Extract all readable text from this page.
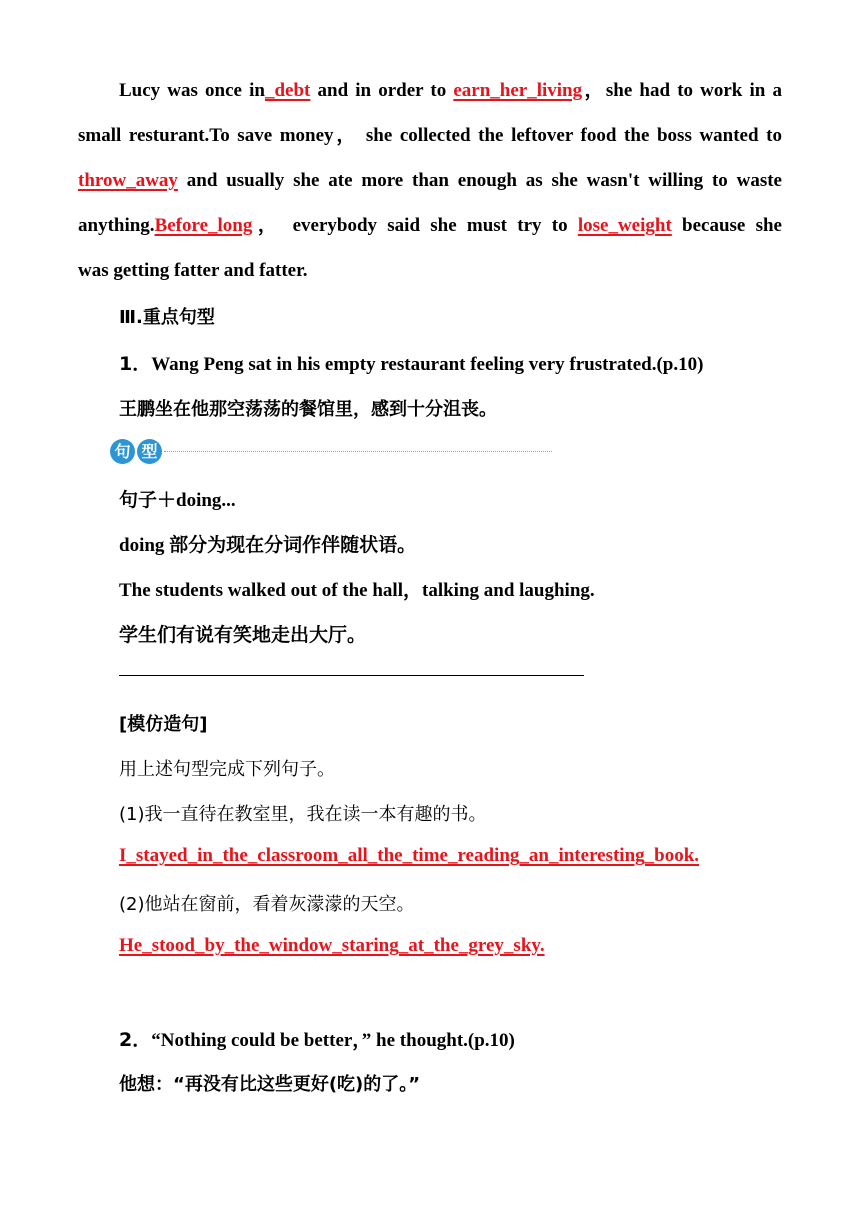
Lucy was once in_debt and in order to earn_her_living，she had to work in a
small resturant.To save money， she collected the leftover food the boss wanted to
throw_away and usually she ate more than enough as she wasn't willing to waste
anything.Before_long， everybody said she must try to lose_weight because she
was getting fatter and fatter.
Ⅲ.重点句型
1．Wang Peng sat in his empty restaurant feeling very frustrated.(p.10)
王鹏坐在他那空荡荡的餐馆里，感到十分沮丧。
句 型
句子＋doing...
doing 部分为现在分词作伴随状语。
The students walked out of the hall，talking and laughing.
学生们有说有笑地走出大厅。
[模仿造句]
用上述句型完成下列句子。
(1)我一直待在教室里，我在读一本有趣的书。
I_stayed_in_the_classroom_all_the_time_reading_an_interesting_book.
(2)他站在窗前，看着灰濛濛的天空。
He_stood_by_the_window_staring_at_the_grey_sky.
2．“Nothing could be better，” he thought.(p.10)
他想：“再没有比这些更好(吃)的了。”
